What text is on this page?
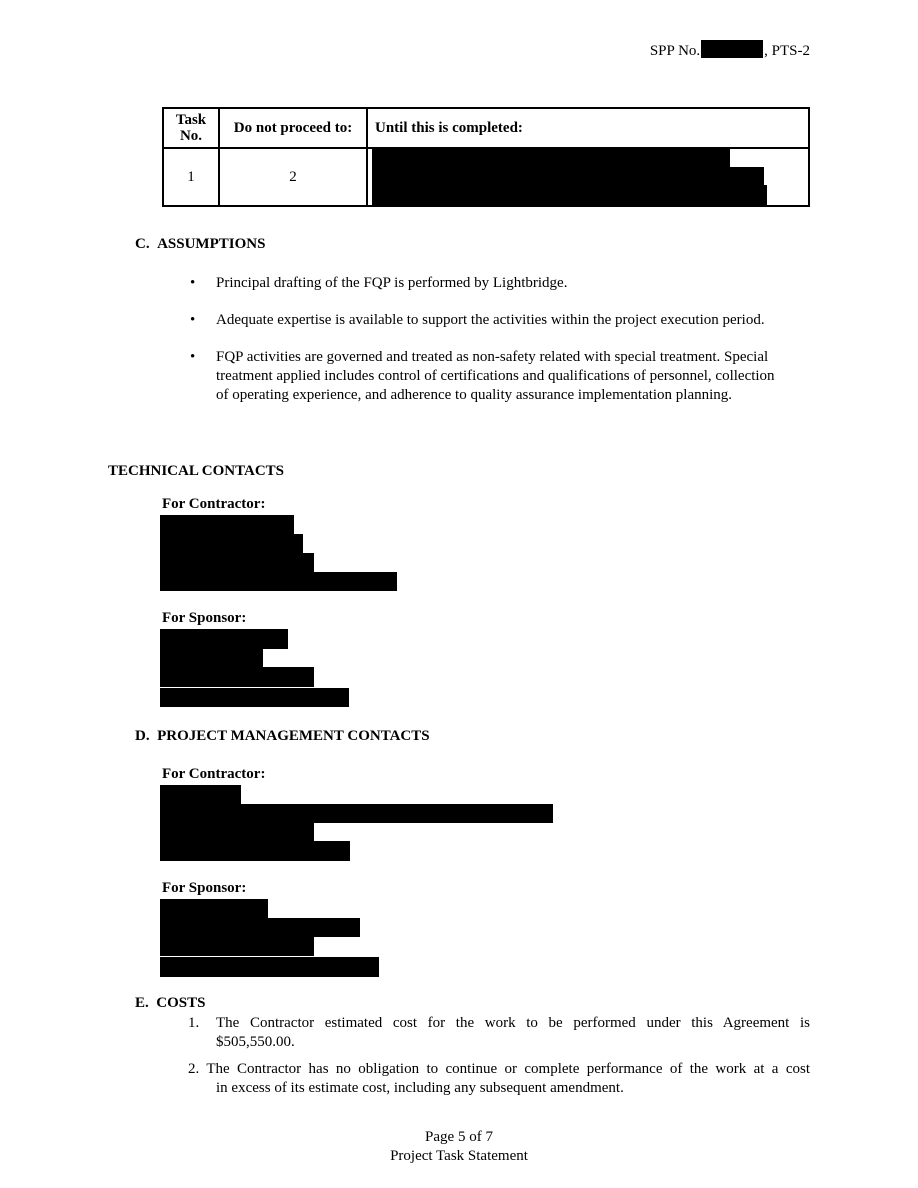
SPP No.	, PTS-2
Task
No.	Do not proceed to:	Until this is completed:
1	2	
C.  ASSUMPTIONS
• Principal drafting of the FQP is performed by Lightbridge.
• Adequate expertise is available to support the activities within the project execution period.
• FQP activities are governed and treated as non-safety related with special treatment. Special treatment applied includes control of certifications and qualifications of personnel, collection of operating experience, and adherence to quality assurance implementation planning.
TECHNICAL CONTACTS
For Contractor:
For Sponsor:
D.  PROJECT MANAGEMENT CONTACTS
For Contractor:
For Sponsor:
E.  COSTS
1. The Contractor estimated cost for the work to be performed under this Agreement is
$505,550.00.
2. The Contractor has no obligation to continue or complete performance of the work at a cost
in excess of its estimate cost, including any subsequent amendment.
Page 5 of 7
Project Task Statement
